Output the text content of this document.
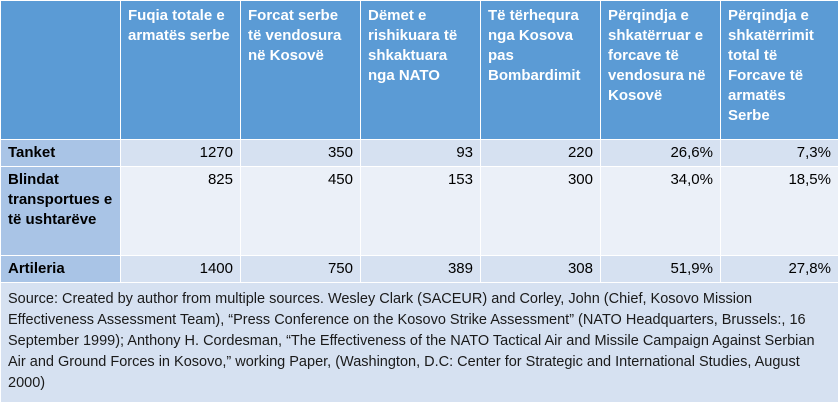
	Fuqia totale e armatës serbe	Forcat serbe të vendosura në Kosovë	Dëmet e rishikuara të shkaktuara nga NATO	Të tërhequra nga Kosova pas Bombardimit	Përqindja e shkatërruar e forcave të vendosura në Kosovë	Përqindja e shkatërrimit total të Forcave të armatës Serbe
Tanket	1270	350	93	220	26,6%	7,3%
Blindat transportues e të ushtarëve	825	450	153	300	34,0%	18,5%
Artileria	1400	750	389	308	51,9%	27,8%
Source: Created by author from multiple sources. Wesley Clark (SACEUR) and Corley, John (Chief, Kosovo Mission Effectiveness Assessment Team), “Press Conference on the Kosovo Strike Assessment” (NATO Headquarters, Brussels:, 16 September 1999); Anthony H. Cordesman, “The Effectiveness of the NATO Tactical Air and Missile Campaign Against Serbian Air and Ground Forces in Kosovo,” working Paper, (Washington, D.C: Center for Strategic and International Studies, August 2000)						
